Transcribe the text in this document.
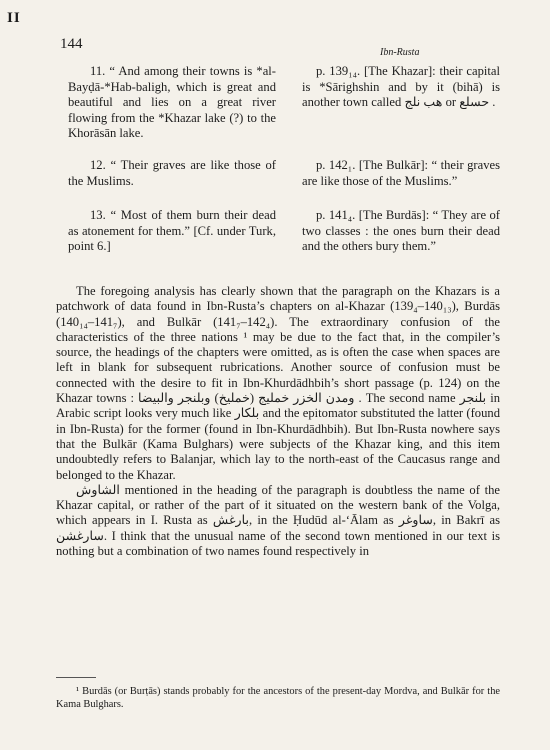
II
144
Ibn-Rusta
11. “ And among their towns is *al-Bayḍā-*Hab-baligh, which is great and beautiful and lies on a great river flowing from the *Khazar lake (?) to the Khorāsān lake.
p. 139₁₄. [The Khazar]: their capital is *Sārighshin and by it (bihā) is another town called هب نلج or حسلع .
12. “ Their graves are like those of the Muslims.
p. 142₁. [The Bulkār]: “ their graves are like those of the Muslims.”
13. “ Most of them burn their dead as atonement for them.” [Cf. under Turk, point 6.]
p. 141₄. [The Burdās]: “ They are of two classes : the ones burn their dead and the others bury them.”

The foregoing analysis has clearly shown that the paragraph on the Khazars is a patchwork of data found in Ibn-Rusta’s chapters on al-Khazar (139₄–140₁₃), Burdās (140₁₄–141₇), and Bulkār (141₇–142₄). The extraordinary confusion of the characteristics of the three nations ¹ may be due to the fact that, in the compiler’s source, the headings of the chapters were omitted, as is often the case when spaces are left in blank for subsequent rubrications. Another source of confusion must be connected with the desire to fit in Ibn-Khurdādhbih’s short passage (p. 124) on the Khazar towns : ومدن الخزر خمليج (خمليخ) وبلنجر والبيضا . The second name بلنجر in Arabic script looks very much like بلكار and the epitomator substituted the latter (found in Ibn-Rusta) for the former (found in Ibn-Khurdādhbih). But Ibn-Rusta nowhere says that the Bulkār (Kama Bulghars) were subjects of the Khazar king, and this item undoubtedly refers to Balanjar, which lay to the north-east of the Caucasus range and belonged to the Khazar.

الشاوش mentioned in the heading of the paragraph is doubtless the name of the Khazar capital, or rather of the part of it situated on the western bank of the Volga, which appears in I. Rusta as بارغش, in the Ḥudūd al-‘Ālam as ساوغر, in Bakrī as سارغشن. I think that the unusual name of the second town mentioned in our text is nothing but a combination of two names found respectively in

¹ Burdās (or Burṭās) stands probably for the ancestors of the present-day Mordva, and Bulkār for the Kama Bulghars.
